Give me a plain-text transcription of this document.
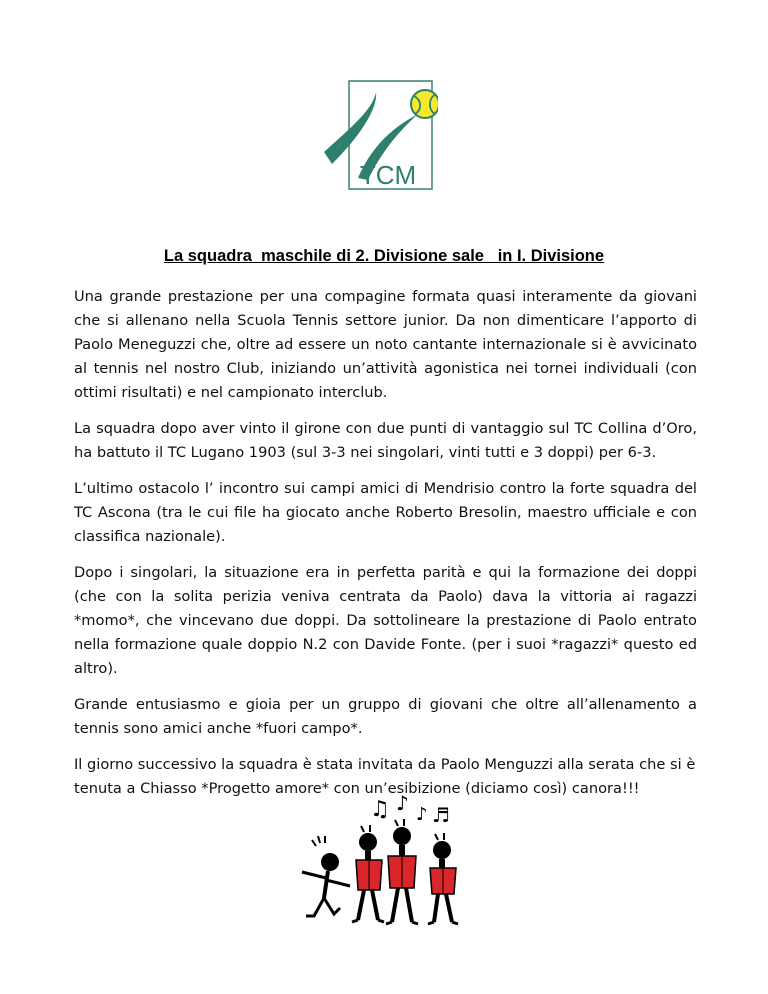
TCM
La squadra  maschile di 2. Divisione sale   in I. Divisione

Una grande prestazione per una compagine formata quasi interamente da giovani che si allenano nella Scuola Tennis settore junior. Da non dimenticare l’apporto di Paolo Meneguzzi che, oltre ad essere un noto cantante internazionale si è avvicinato al tennis nel nostro Club, iniziando un’attività agonistica nei tornei individuali (con ottimi risultati) e nel campionato interclub.

La squadra dopo aver vinto il girone con due punti di vantaggio sul TC Collina d’Oro, ha battuto il TC Lugano 1903 (sul 3-3 nei singolari, vinti tutti e 3 doppi) per 6-3.

L’ultimo ostacolo l’ incontro sui campi amici di Mendrisio contro la forte squadra del TC Ascona (tra le cui file ha giocato anche Roberto Bresolin, maestro ufficiale e con classifica nazionale).

Dopo i singolari, la situazione era in perfetta parità e qui la formazione dei doppi (che con la solita perizia veniva centrata da Paolo) dava la vittoria ai ragazzi *momo*, che vincevano due doppi. Da sottolineare la prestazione di Paolo entrato nella formazione quale doppio N.2 con Davide Fonte. (per i suoi *ragazzi* questo ed altro).

Grande entusiasmo e gioia per un gruppo di giovani che oltre all’allenamento a tennis sono amici anche *fuori campo*.

Il giorno successivo la squadra è stata invitata da Paolo Menguzzi alla serata che si è tenuta a Chiasso *Progetto amore* con un’esibizione (diciamo così) canora!!!

♫ ♪ ♪ ♬
